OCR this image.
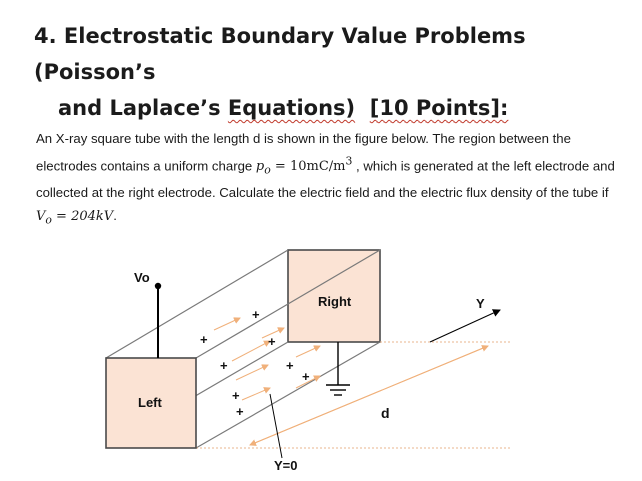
4. Electrostatic Boundary Value Problems (Poisson’s
and Laplace’s Equations) [10 Points]:
An X-ray square tube with the length d is shown in the figure below. The region between the electrodes contains a uniform charge $p_o = 10mC/m^3$ , which is generated at the left electrode and collected at the right electrode. Calculate the electric field and the electric flux density of the tube if $V_o = 204kV$.
Vo
Left
Right	Y
Y=0
d
+
+	+
+	+
+
+
+
